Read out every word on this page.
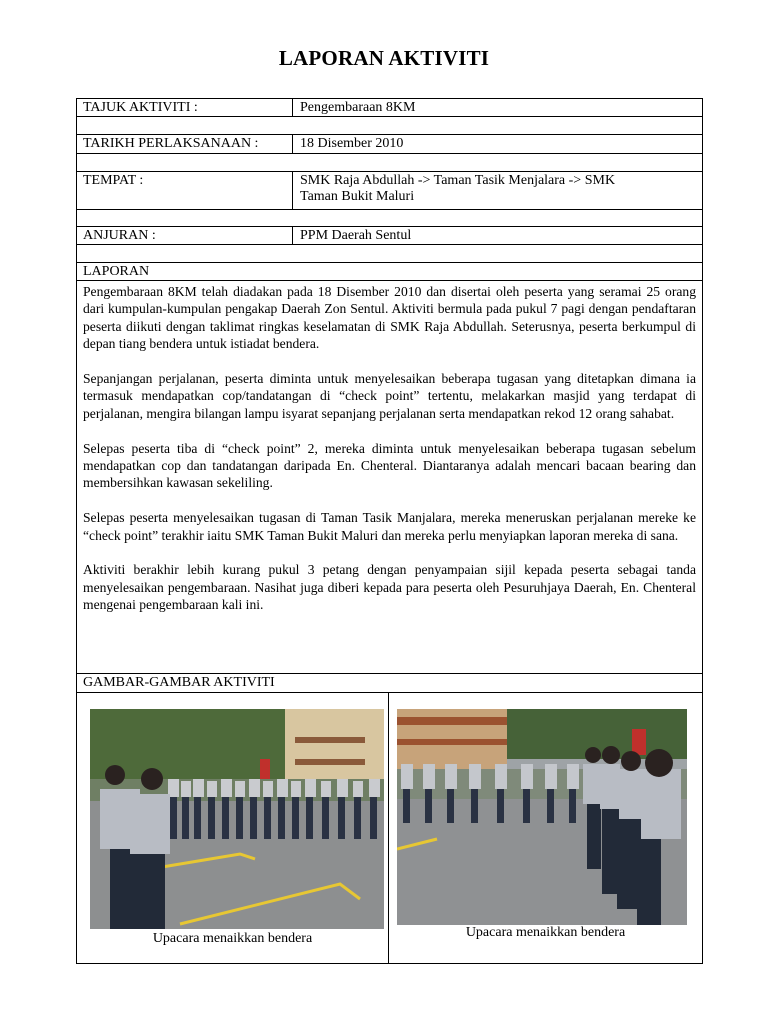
LAPORAN AKTIVITI
TAJUK AKTIVITI :	Pengembaraan 8KM
TARIKH PERLAKSANAAN :	18 Disember 2010
TEMPAT :	SMK Raja Abdullah -> Taman Tasik Menjalara -> SMK
Taman Bukit Maluri
ANJURAN :	PPM Daerah Sentul
LAPORAN

Pengembaraan 8KM telah diadakan pada 18 Disember 2010 dan disertai oleh peserta yang seramai 25 orang dari kumpulan-kumpulan pengakap Daerah Zon Sentul. Aktiviti bermula pada pukul 7 pagi dengan pendaftaran peserta diikuti dengan taklimat ringkas keselamatan di SMK Raja Abdullah. Seterusnya, peserta berkumpul di depan tiang bendera untuk istiadat bendera.

Sepanjangan perjalanan, peserta diminta untuk menyelesaikan beberapa tugasan yang ditetapkan dimana ia termasuk mendapatkan cop/tandatangan di “check point” tertentu, melakarkan masjid yang terdapat di perjalanan, mengira bilangan lampu isyarat sepanjang perjalanan serta mendapatkan rekod 12 orang sahabat.

Selepas peserta tiba di “check point” 2, mereka diminta untuk menyelesaikan beberapa tugasan sebelum mendapatkan cop dan tandatangan daripada En. Chenteral. Diantaranya adalah mencari bacaan bearing dan membersihkan kawasan sekeliling.

Selepas peserta menyelesaikan tugasan di Taman Tasik Manjalara, mereka meneruskan perjalanan mereke ke “check point” terakhir iaitu SMK Taman Bukit Maluri dan mereka perlu menyiapkan laporan mereka di sana.

Aktiviti berakhir lebih kurang pukul 3 petang dengan penyampaian sijil kepada peserta sebagai tanda menyelesaikan pengembaraan. Nasihat juga diberi kepada para peserta oleh Pesuruhjaya Daerah, En. Chenteral mengenai pengembaraan kali ini.

GAMBAR-GAMBAR AKTIVITI
Upacara menaikkan bendera	Upacara menaikkan bendera
